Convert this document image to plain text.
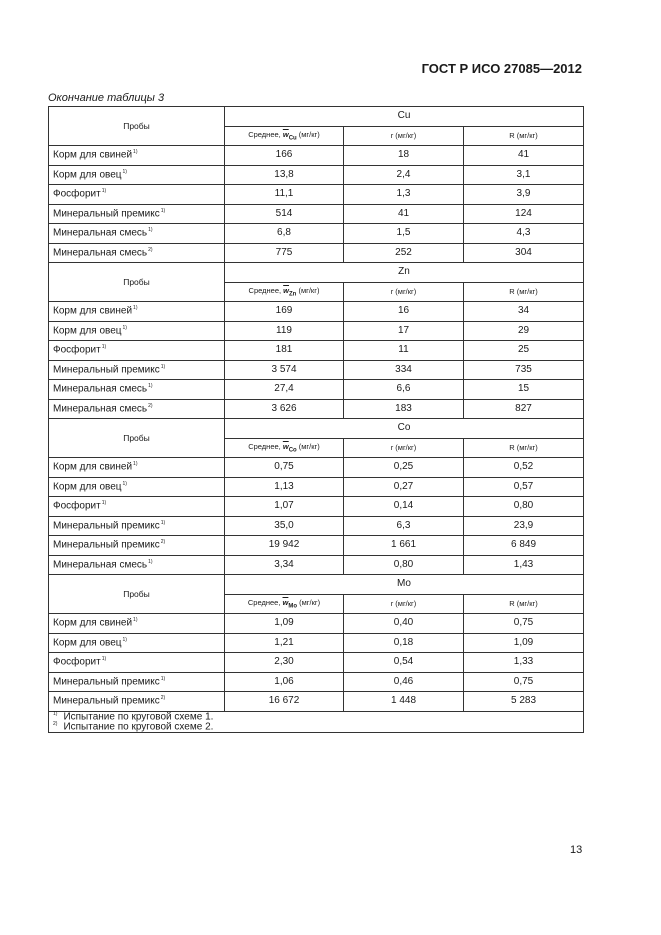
ГОСТ Р ИСО 27085—2012
Окончание таблицы 3
Пробы	Cu		
	Среднее, $\overline{w}_{Cu}$ (мг/кг)	r (мг/кг)	R (мг/кг)
Корм для свиней$^{1)}$	166	18	41
Корм для овец$^{1)}$	13,8	2,4	3,1
Фосфорит$^{1)}$	11,1	1,3	3,9
Минеральный премикс$^{1)}$	514	41	124
Минеральная смесь$^{1)}$	6,8	1,5	4,3
Минеральная смесь$^{2)}$	775	252	304
Пробы	Zn		
	Среднее, $\overline{w}_{Zn}$ (мг/кг)	r (мг/кг)	R (мг/кг)
Корм для свиней$^{1)}$	169	16	34
Корм для овец$^{1)}$	119	17	29
Фосфорит$^{1)}$	181	11	25
Минеральный премикс$^{1)}$	3 574	334	735
Минеральная смесь$^{1)}$	27,4	6,6	15
Минеральная смесь$^{2)}$	3 626	183	827
Пробы	Co		
	Среднее, $\overline{w}_{Co}$ (мг/кг)	r (мг/кг)	R (мг/кг)
Корм для свиней$^{1)}$	0,75	0,25	0,52
Корм для овец$^{1)}$	1,13	0,27	0,57
Фосфорит$^{1)}$	1,07	0,14	0,80
Минеральный премикс$^{1)}$	35,0	6,3	23,9
Минеральный премикс$^{2)}$	19 942	1 661	6 849
Минеральная смесь$^{1)}$	3,34	0,80	1,43
Пробы	Mo		
	Среднее, $\overline{w}_{Mo}$ (мг/кг)	r (мг/кг)	R (мг/кг)
Корм для свиней$^{1)}$	1,09	0,40	0,75
Корм для овец$^{1)}$	1,21	0,18	1,09
Фосфорит$^{1)}$	2,30	0,54	1,33
Минеральный премикс$^{1)}$	1,06	0,46	0,75
Минеральный премикс$^{2)}$	16 672	1 448	5 283

$^{1)}$ Испытание по круговой схеме 1.
$^{2)}$ Испытание по круговой схеме 2.			
13
